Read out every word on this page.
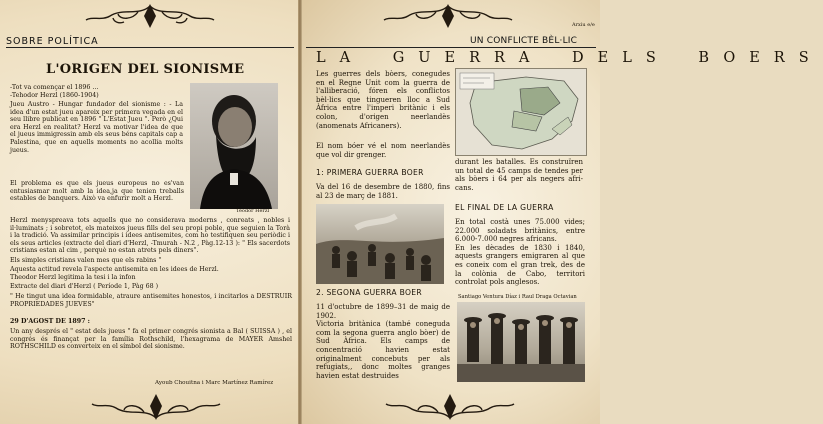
SOBRE POLÍTICA
L'ORIGEN DEL SIONISME
-Tot va començar el 1896 ...
-Tehodor Herzl (1860-1904)
Jueu Austro - Hungar fundador del sionisme : - La idea d'un estat jueu apareix per primera vegada en el seu llibre publicat en 1896 " L'Estat Jueu ". Però ¿Qui era Herzl en realitat? Herzl va motivar l'idea de que el jueus immigressin amb els seus béns capitals cap a Palestina, que en aquells moments no acollia molts jueus.
El problema es que els jueus europeus no es'van entusiasmar molt amb la idea,ja que tenien treballs estables de banquers. Això va enfurir molt a Herzl.
Teodor Herzl
Herzl menyspreava tots aquells que no considerava moderns , conreats , nobles i il·luminats ; i sobretot, els mateixos jueus fills del seu propi poble, que seguien la Torà i la tradició. Va assimilar principis i idees antisemites, com ho testifiquen seu periòdic i els seus articles (extracte del diari d'Herzl, -Tmurah - N.2 , Pàg.12-13 ): " Els sacerdots cristians estan al cim , perquè no estan atrets pels diners".
Els simples cristians valen mes que els rabins "
Aquesta actitud revela l'aspecte antisemita en les idees de Herzl.
Theodor Herzl legitima la tesi i la infon
Extracte del diari d'Herzl ( Període 1, Pàg 68 )
" He tingut una idea formidable, atraure antisemites honestos, i incitarlos a DESTRUIR PROPRIEDADES JUEVES"
29 D'AGOST DE 1897 :
Un any després el " estat dels jueus " fa el primer congrés sionista a Bal ( SUISSA ) , el congrés és finançat per la família Rothschild, l'hexagrama de MAYER Amshel ROTHSCHILD es converteix en el símbol del sionisme.
Ayoub Chouitna i Marc Martínez Ramírez
Arxiu e/e
UN CONFLICTE BÈL·LIC
LA GUERRA DELS BOERS
Les guerres dels bòers, conegudes en el Regne Unit com la guerra de l'alliberació, fóren els conflictos bèl·lics que tingueren lloc a Sud Àfrica entre l'imperi britànic i els colon, d'origen neerlandès (anomenats Africaners).
El nom bóer vé el nom neerlandès que vol dir grenger.
durant les batalles. Es construïren un total de 45 camps de tendes per als bòers i 64 per als negers afri-cans.
1: PRIMERA GUERRA BOER
Va del 16 de desembre de 1880, fins al 23 de març de 1881.
2. SEGONA GUERRA BOER
11 d'octubre de 1899–31 de maig de 1902.
Victoria britànica (també coneguda com la segona guerra anglo bòer) de Sud Àfrica. Els camps de concentració havien estat originalment concebuts per als refugiats,, donc moltes granges havien estat destruides
EL FINAL DE LA GUERRA
En total costà unes 75.000 vides; 22.000 soladats britànics, entre 6.000-7.000 negres africans.
En les dècades de 1830 i 1840, aquests grangers emigraren al que es coneix com el gran trek, des de la colònia de Cabo, territori controlat pols anglesos.
Santiago Ventura Díaz i Raul Draga Octavian
